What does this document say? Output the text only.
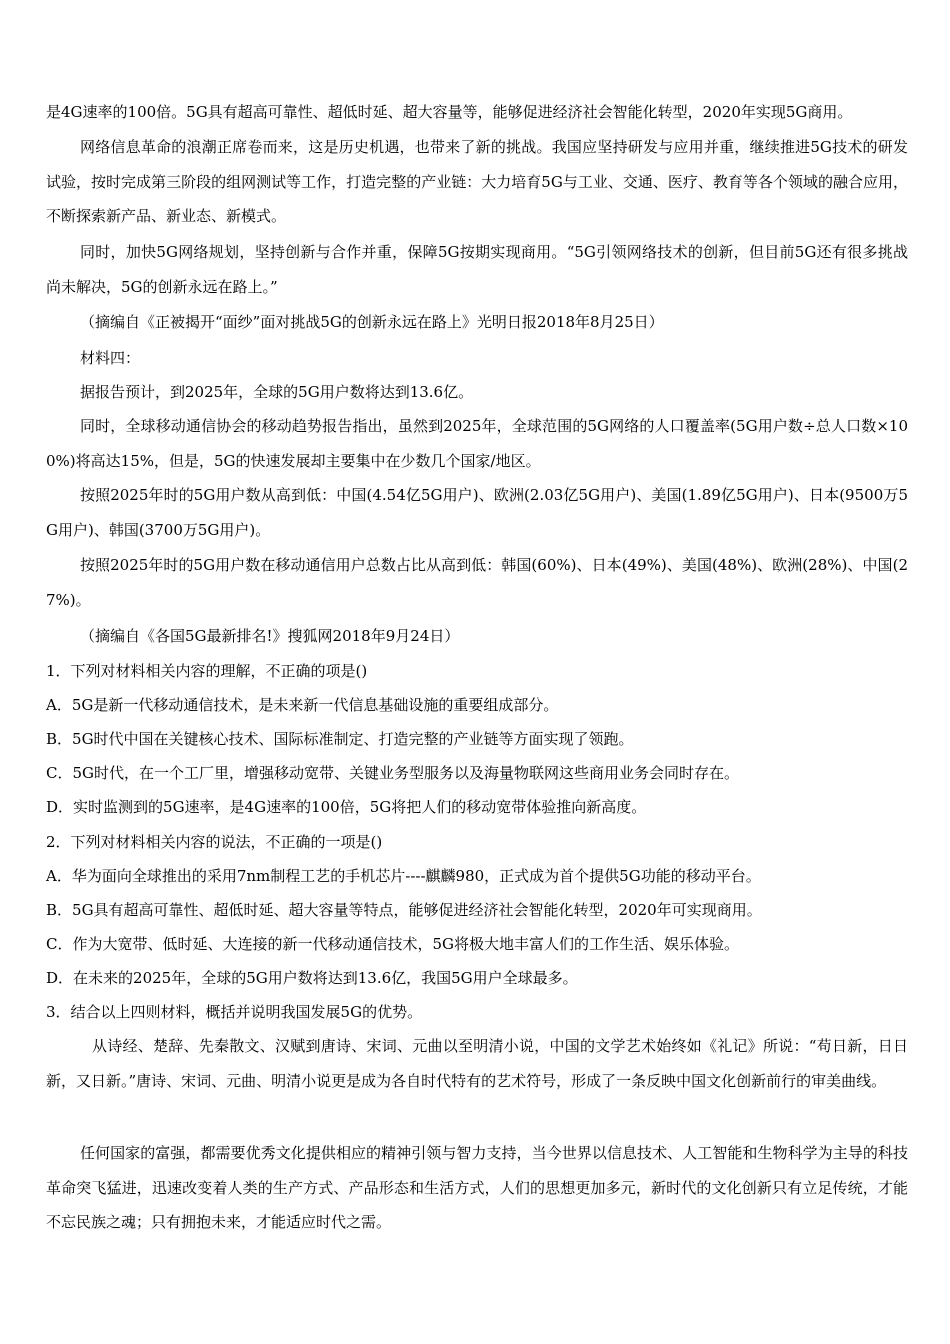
是4G速率的100倍。5G具有超高可靠性、超低时延、超大容量等，能够促进经济社会智能化转型，2020年实现5G商用。
网络信息革命的浪潮正席卷而来，这是历史机遇，也带来了新的挑战。我国应坚持研发与应用并重，继续推进5G技术的研发试验，按时完成第三阶段的组网测试等工作，打造完整的产业链：大力培育5G与工业、交通、医疗、教育等各个领域的融合应用，不断探索新产品、新业态、新模式。
同时，加快5G网络规划，坚持创新与合作并重，保障5G按期实现商用。“5G引领网络技术的创新，但目前5G还有很多挑战尚未解决，5G的创新永远在路上。”
（摘编自《正被揭开“面纱”面对挑战5G的创新永远在路上》光明日报2018年8月25日）
材料四：
据报告预计，到2025年，全球的5G用户数将达到13.6亿。
同时，全球移动通信协会的移动趋势报告指出，虽然到2025年，全球范围的5G网络的人口覆盖率(5G用户数÷总人口数×100%)将高达15%，但是，5G的快速发展却主要集中在少数几个国家/地区。
按照2025年时的5G用户数从高到低：中国(4.54亿5G用户)、欧洲(2.03亿5G用户)、美国(1.89亿5G用户)、日本(9500万5G用户)、韩国(3700万5G用户)。
按照2025年时的5G用户数在移动通信用户总数占比从高到低：韩国(60%)、日本(49%)、美国(48%)、欧洲(28%)、中国(27%)。
（摘编自《各国5G最新排名!》搜狐网2018年9月24日）
1．下列对材料相关内容的理解，不正确的项是()
A．5G是新一代移动通信技术，是未来新一代信息基础设施的重要组成部分。
B．5G时代中国在关键核心技术、国际标准制定、打造完整的产业链等方面实现了领跑。
C．5G时代，在一个工厂里，增强移动宽带、关键业务型服务以及海量物联网这些商用业务会同时存在。
D．实时监测到的5G速率，是4G速率的100倍，5G将把人们的移动宽带体验推向新高度。
2．下列对材料相关内容的说法，不正确的一项是()
A．华为面向全球推出的采用7nm制程工艺的手机芯片----麒麟980，正式成为首个提供5G功能的移动平台。
B．5G具有超高可靠性、超低时延、超大容量等特点，能够促进经济社会智能化转型，2020年可实现商用。
C．作为大宽带、低时延、大连接的新一代移动通信技术，5G将极大地丰富人们的工作生活、娱乐体验。
D．在未来的2025年，全球的5G用户数将达到13.6亿，我国5G用户全球最多。
3．结合以上四则材料，概括并说明我国发展5G的优势。
从诗经、楚辞、先秦散文、汉赋到唐诗、宋词、元曲以至明清小说，中国的文学艺术始终如《礼记》所说：“苟日新，日日新，又日新。”唐诗、宋词、元曲、明清小说更是成为各自时代特有的艺术符号，形成了一条反映中国文化创新前行的审美曲线。
任何国家的富强，都需要优秀文化提供相应的精神引领与智力支持，当今世界以信息技术、人工智能和生物科学为主导的科技革命突飞猛进，迅速改变着人类的生产方式、产品形态和生活方式，人们的思想更加多元，新时代的文化创新只有立足传统，才能不忘民族之魂；只有拥抱未来，才能适应时代之需。
